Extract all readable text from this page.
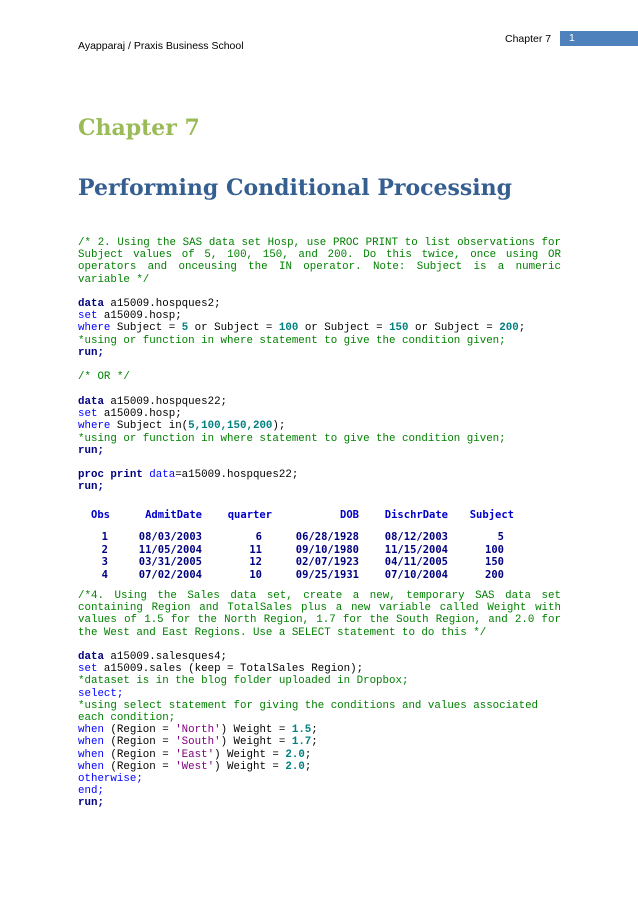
Ayapparaj / Praxis Business School
Chapter 7	1
Chapter 7
Performing Conditional Processing
/* 2. Using the SAS data set Hosp, use PROC PRINT to list observations for Subject values of 5, 100, 150, and 200. Do this twice, once using OR operators and onceusing the IN operator. Note: Subject is a numeric variable */
data a15009.hospques2;
set a15009.hosp;
where Subject = 5 or Subject = 100 or Subject = 150 or Subject = 200;
*using or function in where statement to give the condition given;
run;
/* OR */
data a15009.hospques22;
set a15009.hosp;
where Subject in(5,100,150,200);
*using or function in where statement to give the condition given;
run;
proc print data=a15009.hospques22;
run;
Obs	AdmitDate	quarter	DOB	DischrDate	Subject
1	08/03/2003	6	06/28/1928	08/12/2003	5
2	11/05/2004	11	09/10/1980	11/15/2004	100
3	03/31/2005	12	02/07/1923	04/11/2005	150
4	07/02/2004	10	09/25/1931	07/10/2004	200
/*4. Using the Sales data set, create a new, temporary SAS data set containing Region and TotalSales plus a new variable called Weight with values of 1.5 for the North Region, 1.7 for the South Region, and 2.0 for the West and East Regions. Use a SELECT statement to do this */
data a15009.salesques4;
set a15009.sales (keep = TotalSales Region);
*dataset is in the blog folder uploaded in Dropbox;
select;
*using select statement for giving the conditions and values associated
each condition;
when (Region = 'North') Weight = 1.5;
when (Region = 'South') Weight = 1.7;
when (Region = 'East') Weight = 2.0;
when (Region = 'West') Weight = 2.0;
otherwise;
end;
run;
